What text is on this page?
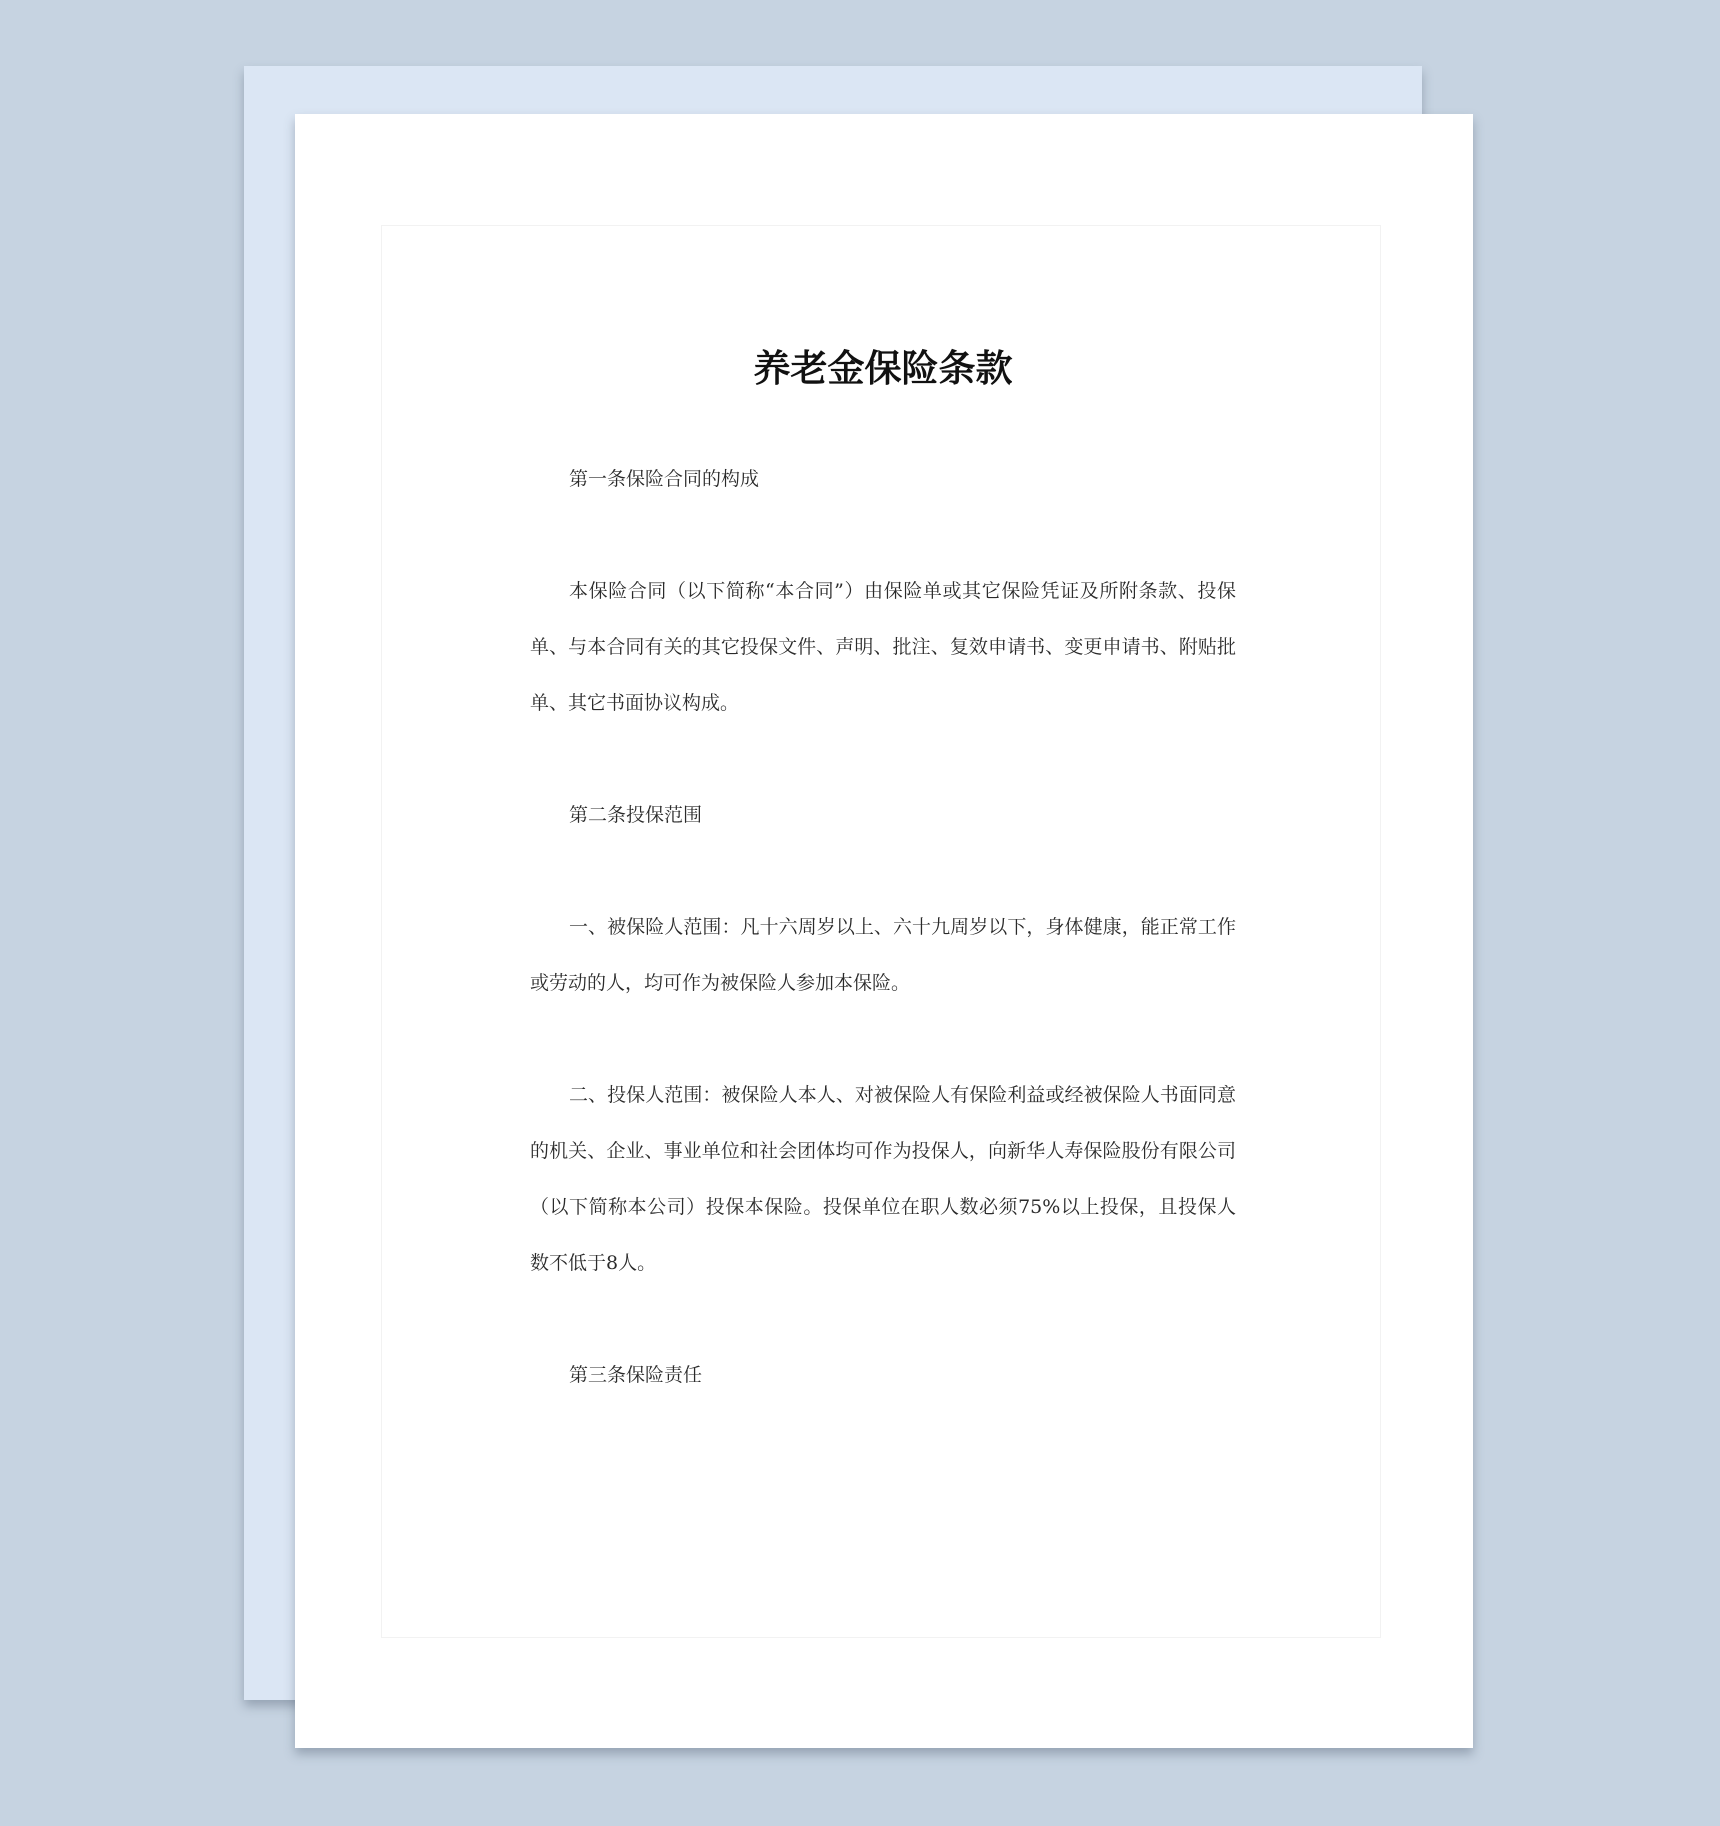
养老金保险条款

第一条保险合同的构成

本保险合同（以下简称“本合同”）由保险单或其它保险凭证及所附条款、投保单、与本合同有关的其它投保文件、声明、批注、复效申请书、变更申请书、附贴批单、其它书面协议构成。

第二条投保范围

一、被保险人范围：凡十六周岁以上、六十九周岁以下，身体健康，能正常工作或劳动的人，均可作为被保险人参加本保险。

二、投保人范围：被保险人本人、对被保险人有保险利益或经被保险人书面同意的机关、企业、事业单位和社会团体均可作为投保人，向新华人寿保险股份有限公司（以下简称本公司）投保本保险。投保单位在职人数必须75%以上投保，且投保人数不低于8人。

第三条保险责任
